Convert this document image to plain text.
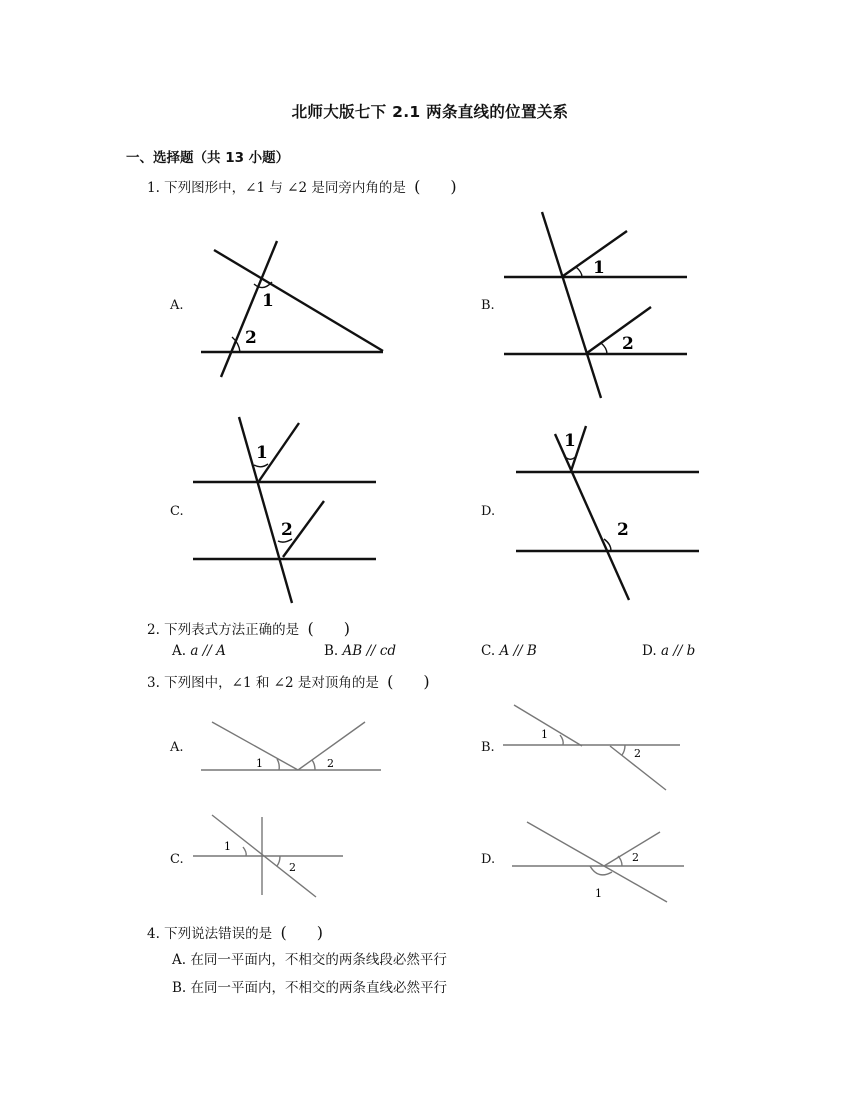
北师大版七下 2.1 两条直线的位置关系
一、选择题（共 13 小题）
1. 下列图形中，∠1 与 ∠2 是同旁内角的是 ( )
A.	B.
C.	D.
1
2
1
2
1
2
1
2
1	2
1
2
1
2
2
1
2. 下列表式方法正确的是 ( )
A. a // A	B. AB // cd	C. A // B	D. a // b
3. 下列图中，∠1 和 ∠2 是对顶角的是 ( )
A.	B.
C.	D.
4. 下列说法错误的是 ( )
A. 在同一平面内，不相交的两条线段必然平行
B. 在同一平面内，不相交的两条直线必然平行
